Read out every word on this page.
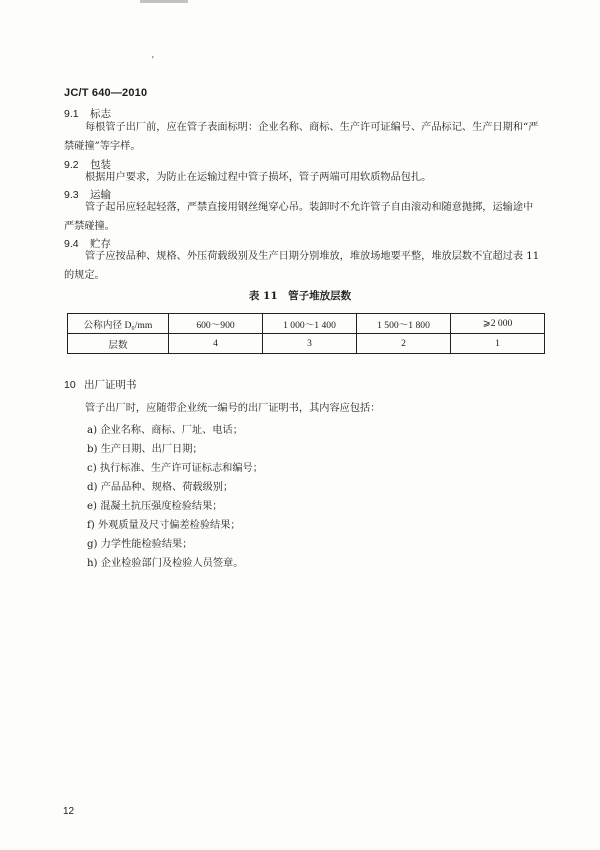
ʼ
JC/T 640—2010
9.1 标志
每根管子出厂前，应在管子表面标明：企业名称、商标、生产许可证编号、产品标记、生产日期和“严禁碰撞”等字样。
9.2 包装
根据用户要求，为防止在运输过程中管子损坏，管子两端可用软质物品包扎。
9.3 运输
管子起吊应轻起轻落，严禁直接用钢丝绳穿心吊。装卸时不允许管子自由滚动和随意抛掷，运输途中严禁碰撞。
9.4 贮存
管子应按品种、规格、外压荷载级别及生产日期分别堆放，堆放场地要平整，堆放层数不宜超过表 11 的规定。
表 11　管子堆放层数
公称内径 D₀/mm	600～900	1 000～1 400	1 500～1 800	⩾2 000
层数	4	3	2	1
10 出厂证明书
管子出厂时，应随带企业统一编号的出厂证明书，其内容应包括：
a) 企业名称、商标、厂址、电话；
b) 生产日期、出厂日期；
c) 执行标准、生产许可证标志和编号；
d) 产品品种、规格、荷载级别；
e) 混凝土抗压强度检验结果；
f) 外观质量及尺寸偏差检验结果；
g) 力学性能检验结果；
h) 企业检验部门及检验人员签章。
12
